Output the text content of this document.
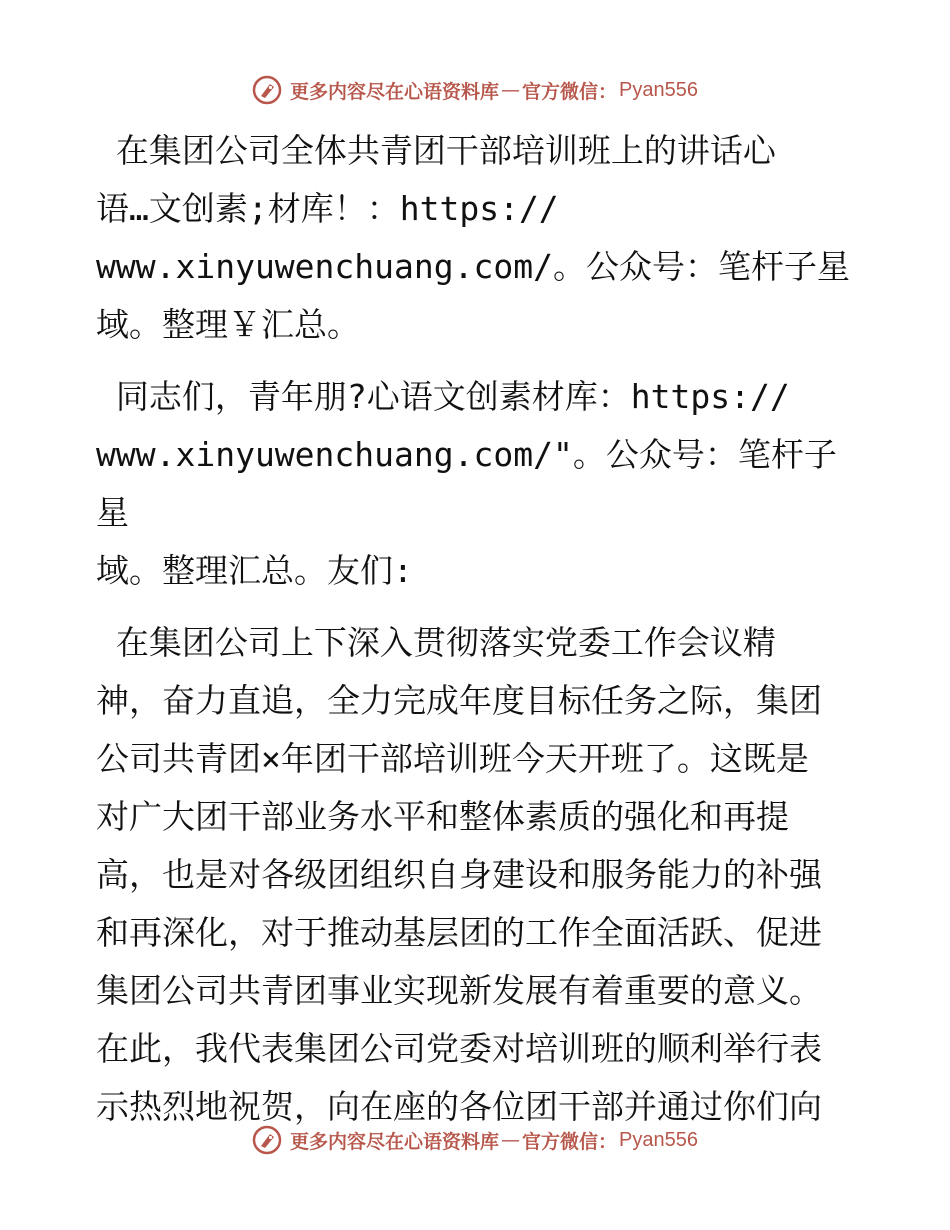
更多内容尽在心语资料库 — 官方微信： Pyan556

在集团公司全体共青团干部培训班上的讲话心
语…文创素;材库！：https://
www.xinyuwenchuang.com/。公众号：笔杆子星
域。整理￥汇总。

同志们，青年朋?心语文创素材库：https://
www.xinyuwenchuang.com/"。公众号：笔杆子星
域。整理汇总。友们:

在集团公司上下深入贯彻落实党委工作会议精
神，奋力直追，全力完成年度目标任务之际，集团
公司共青团×年团干部培训班今天开班了。这既是
对广大团干部业务水平和整体素质的强化和再提
高，也是对各级团组织自身建设和服务能力的补强
和再深化，对于推动基层团的工作全面活跃、促进
集团公司共青团事业实现新发展有着重要的意义。
在此，我代表集团公司党委对培训班的顺利举行表
示热烈地祝贺，向在座的各位团干部并通过你们向

更多内容尽在心语资料库 — 官方微信： Pyan556
